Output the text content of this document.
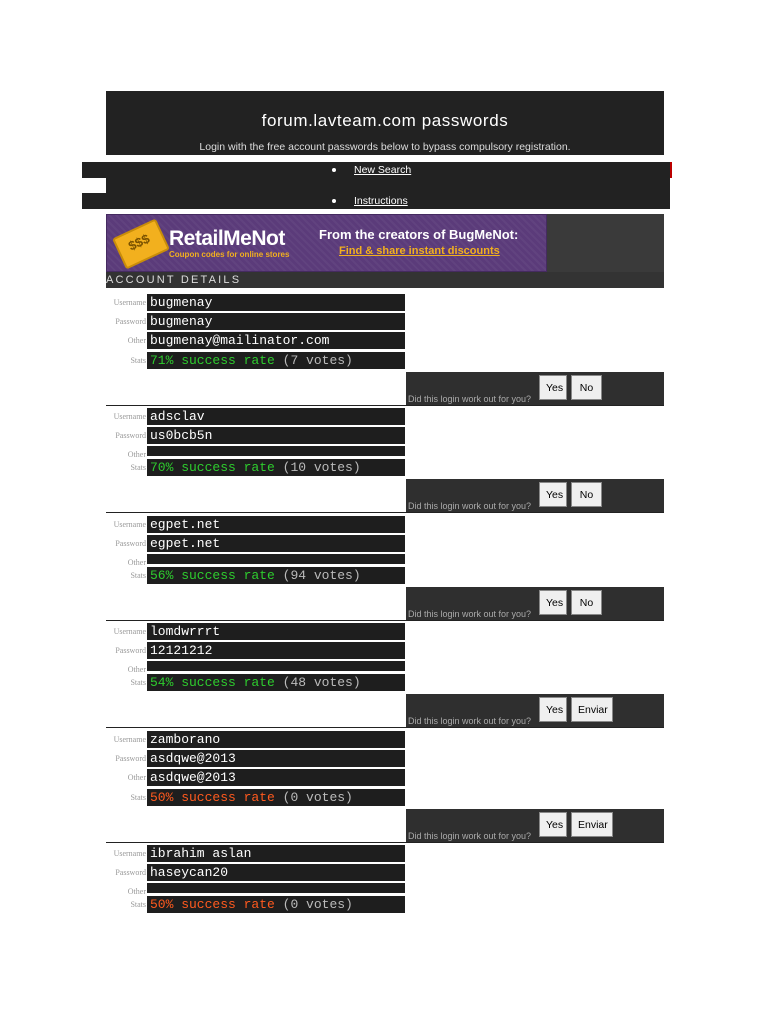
forum.lavteam.com passwords
Login with the free account passwords below to bypass compulsory registration.
New Search
Instructions
$$$ RetailMeNot
Coupon codes for online stores
From the creators of BugMeNot:
Find & share instant discounts
ACCOUNT DETAILS
Username bugmenay
Password bugmenay
Other bugmenay@mailinator.com
Stats 71% success rate (7 votes)
Did this login work out for you?
Yes	No
Username adsclav
Password us0bcb5n
Other
Stats 70% success rate (10 votes)
Did this login work out for you?
Yes	No
Username egpet.net
Password egpet.net
Other
Stats 56% success rate (94 votes)
Did this login work out for you?
Yes	No
Username lomdwrrrt
Password 12121212
Other
Stats 54% success rate (48 votes)
Did this login work out for you?
Yes	Enviar
Username zamborano
Password asdqwe@2013
Other asdqwe@2013
Stats 50% success rate (0 votes)
Did this login work out for you?
Yes	Enviar
Username ibrahim aslan
Password haseycan20
Other
Stats 50% success rate (0 votes)
